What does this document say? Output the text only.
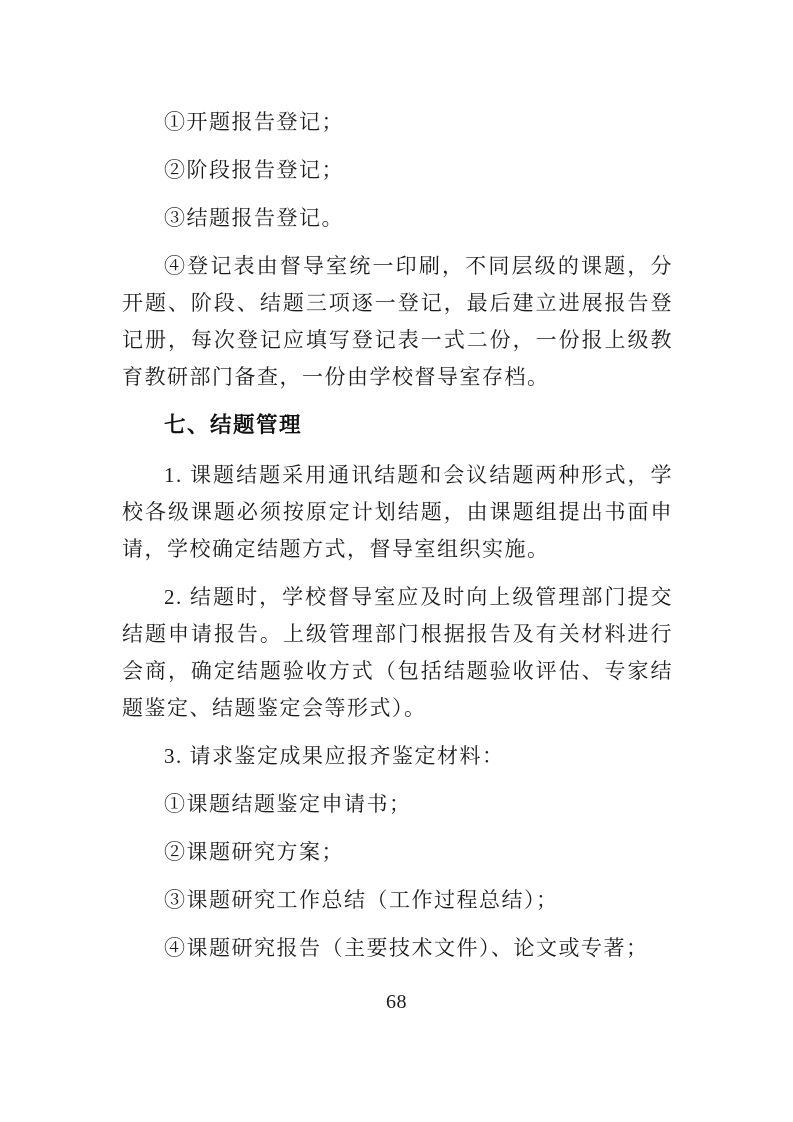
①开题报告登记；

②阶段报告登记；

③结题报告登记。

④登记表由督导室统一印刷，不同层级的课题，分开题、阶段、结题三项逐一登记，最后建立进展报告登记册，每次登记应填写登记表一式二份，一份报上级教育教研部门备查，一份由学校督导室存档。

七、结题管理

1. 课题结题采用通讯结题和会议结题两种形式，学校各级课题必须按原定计划结题，由课题组提出书面申请，学校确定结题方式，督导室组织实施。

2. 结题时，学校督导室应及时向上级管理部门提交结题申请报告。上级管理部门根据报告及有关材料进行会商，确定结题验收方式（包括结题验收评估、专家结题鉴定、结题鉴定会等形式）。

3. 请求鉴定成果应报齐鉴定材料：

①课题结题鉴定申请书；

②课题研究方案；

③课题研究工作总结（工作过程总结）；

④课题研究报告（主要技术文件）、论文或专著；

68
